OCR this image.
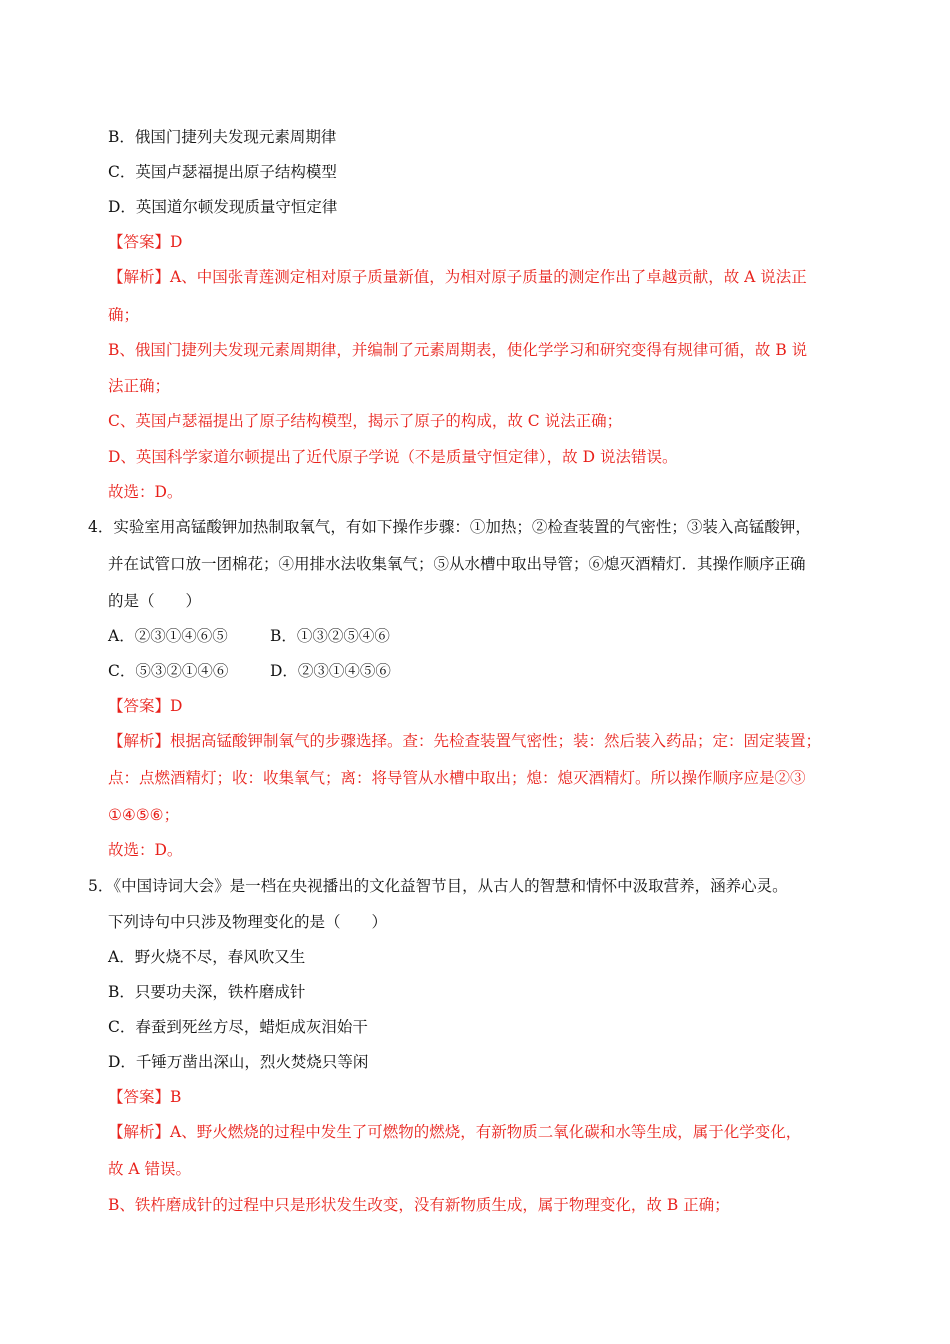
B．俄国门捷列夫发现元素周期律
C．英国卢瑟福提出原子结构模型
D．英国道尔顿发现质量守恒定律
【答案】D
【解析】A、中国张青莲测定相对原子质量新值，为相对原子质量的测定作出了卓越贡献，故 A 说法正
确；
B、俄国门捷列夫发现元素周期律，并编制了元素周期表，使化学学习和研究变得有规律可循，故 B 说
法正确；
C、英国卢瑟福提出了原子结构模型，揭示了原子的构成，故 C 说法正确；
D、英国科学家道尔顿提出了近代原子学说（不是质量守恒定律），故 D 说法错误。
故选：D。
4．实验室用高锰酸钾加热制取氧气，有如下操作步骤：①加热；②检查装置的气密性；③装入高锰酸钾，
并在试管口放一团棉花；④用排水法收集氧气；⑤从水槽中取出导管；⑥熄灭酒精灯．其操作顺序正确
的是（　　）
A．②③①④⑥⑤	B．①③②⑤④⑥
C．⑤③②①④⑥	D．②③①④⑤⑥
【答案】D
【解析】根据高锰酸钾制氧气的步骤选择。查：先检查装置气密性；装：然后装入药品；定：固定装置；
点：点燃酒精灯；收：收集氧气；离：将导管从水槽中取出；熄：熄灭酒精灯。所以操作顺序应是②③
①④⑤⑥；
故选：D。
5．《中国诗词大会》是一档在央视播出的文化益智节目，从古人的智慧和情怀中汲取营养，涵养心灵。
下列诗句中只涉及物理变化的是（　　）
A．野火烧不尽，春风吹又生
B．只要功夫深，铁杵磨成针
C．春蚕到死丝方尽，蜡炬成灰泪始干
D．千锤万凿出深山，烈火焚烧只等闲
【答案】B
【解析】A、野火燃烧的过程中发生了可燃物的燃烧，有新物质二氧化碳和水等生成，属于化学变化，
故 A 错误。
B、铁杵磨成针的过程中只是形状发生改变，没有新物质生成，属于物理变化，故 B 正确；
